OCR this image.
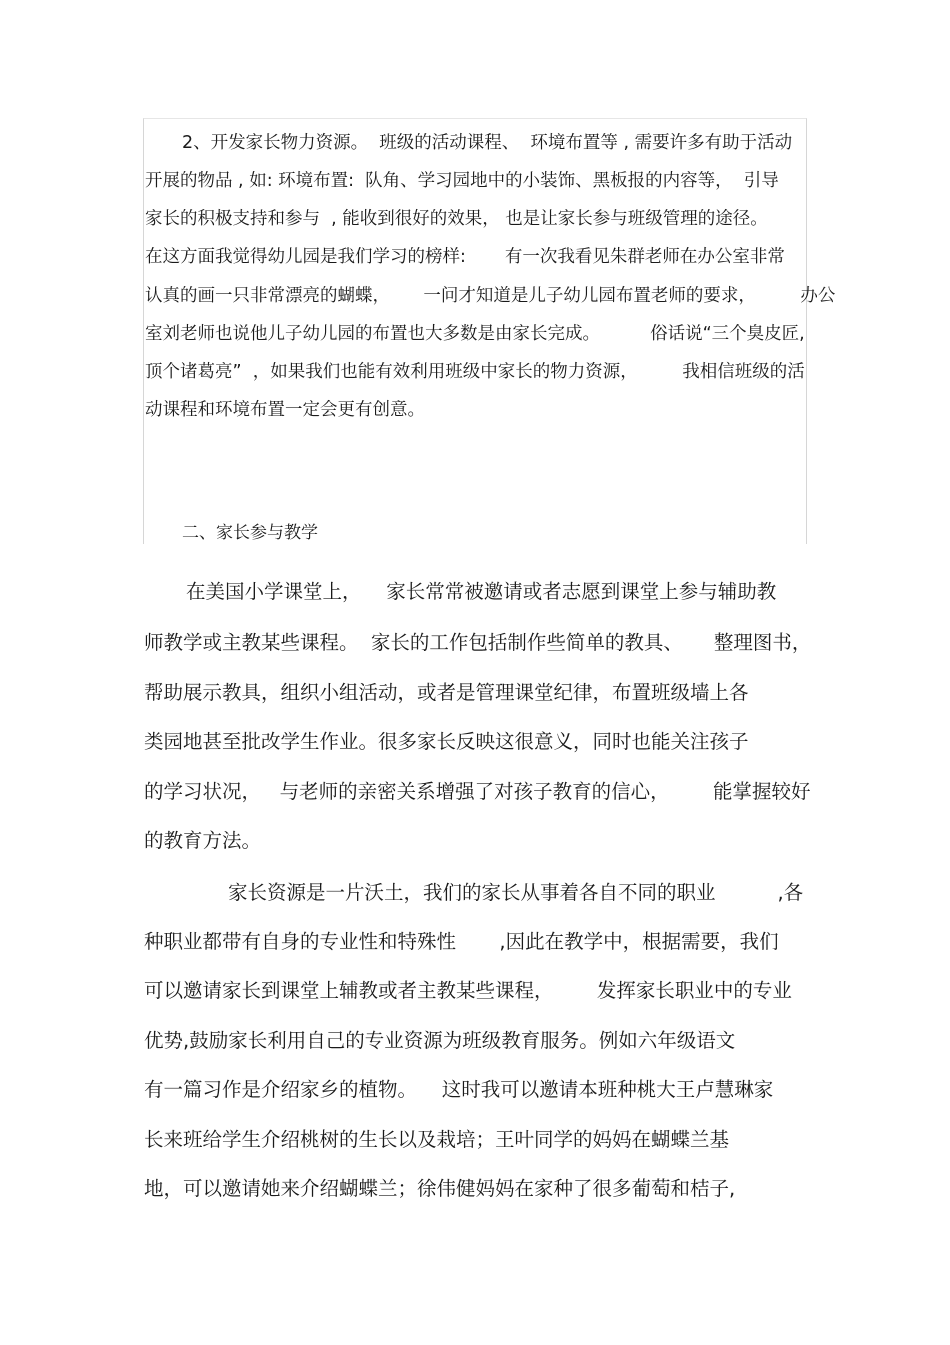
2、开发家长物力资源。  班级的活动课程、  环境布置等 , 需要许多有助于活动

开展的物品 , 如: 环境布置:  队角、学习园地中的小装饰、黑板报的内容等，  引导

家长的积极支持和参与  , 能收到很好的效果， 也是让家长参与班级管理的途径。

在这方面我觉得幼儿园是我们学习的榜样:       有一次我看见朱群老师在办公室非常

认真的画一只非常漂亮的蝴蝶，      一问才知道是儿子幼儿园布置老师的要求，        办公

室刘老师也说他儿子幼儿园的布置也大多数是由家长完成。         俗话说“三个臭皮匠,

顶个诸葛亮”  ，如果我们也能有效利用班级中家长的物力资源，        我相信班级的活

动课程和环境布置一定会更有创意。

二、家长参与教学

在美国小学课堂上，    家长常常被邀请或者志愿到课堂上参与辅助教

师教学或主教某些课程。  家长的工作包括制作些简单的教具、     整理图书，

帮助展示教具，组织小组活动，或者是管理课堂纪律，布置班级墙上各

类园地甚至批改学生作业。很多家长反映这很意义，同时也能关注孩子

的学习状况，   与老师的亲密关系增强了对孩子教育的信心，       能掌握较好

的教育方法。

家长资源是一片沃土，我们的家长从事着各自不同的职业          ,各

种职业都带有自身的专业性和特殊性       ,因此在教学中，根据需要，我们

可以邀请家长到课堂上辅教或者主教某些课程，       发挥家长职业中的专业

优势,鼓励家长利用自己的专业资源为班级教育服务。例如六年级语文

有一篇习作是介绍家乡的植物。    这时我可以邀请本班种桃大王卢慧琳家

长来班给学生介绍桃树的生长以及栽培；王叶同学的妈妈在蝴蝶兰基

地，可以邀请她来介绍蝴蝶兰；徐伟健妈妈在家种了很多葡萄和桔子,
